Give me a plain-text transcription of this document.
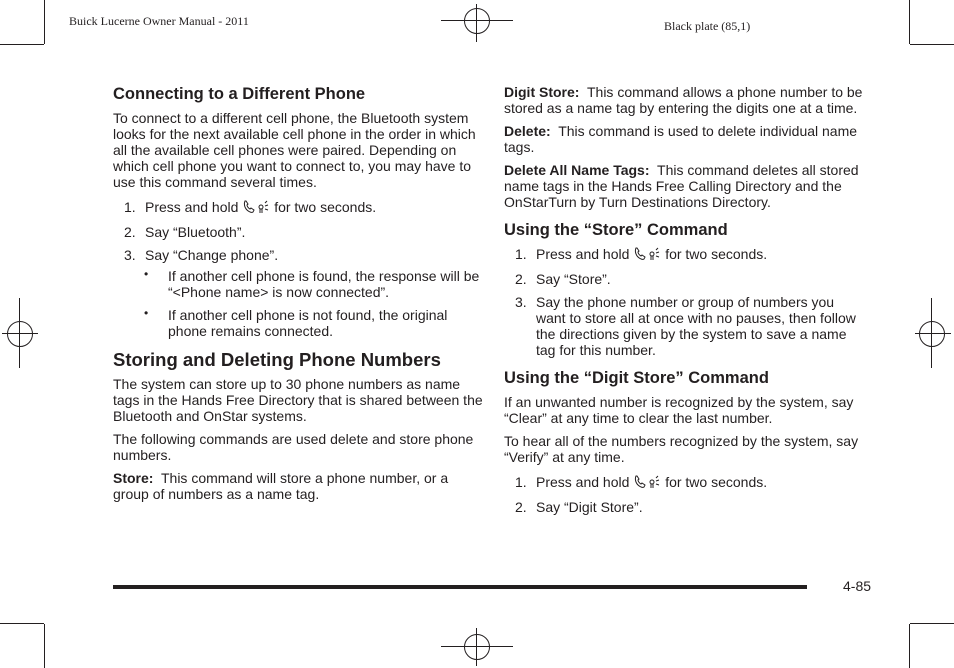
Buick Lucerne Owner Manual - 2011	Black plate (85,1)
Connecting to a Different Phone

To connect to a different cell phone, the Bluetooth system looks for the next available cell phone in the order in which all the available cell phones were paired. Depending on which cell phone you want to connect to, you may have to use this command several times.

1. Press and hold	for two seconds.
2. Say “Bluetooth”.
3. Say “Change phone”.
• If another cell phone is found, the response will be “<Phone name> is now connected”.
• If another cell phone is not found, the original phone remains connected.
Storing and Deleting Phone Numbers

The system can store up to 30 phone numbers as name tags in the Hands Free Directory that is shared between the Bluetooth and OnStar systems.

The following commands are used delete and store phone numbers.

Store: This command will store a phone number, or a group of numbers as a name tag.

Digit Store: This command allows a phone number to be stored as a name tag by entering the digits one at a time.

Delete: This command is used to delete individual name tags.

Delete All Name Tags: This command deletes all stored name tags in the Hands Free Calling Directory and the OnStarTurn by Turn Destinations Directory.

Using the “Store” Command
1. Press and hold	for two seconds.
2. Say “Store”.
3. Say the phone number or group of numbers you want to store all at once with no pauses, then follow the directions given by the system to save a name tag for this number.
Using the “Digit Store” Command

If an unwanted number is recognized by the system, say “Clear” at any time to clear the last number.

To hear all of the numbers recognized by the system, say “Verify” at any time.

1. Press and hold	for two seconds.
2. Say “Digit Store”.
4-85
